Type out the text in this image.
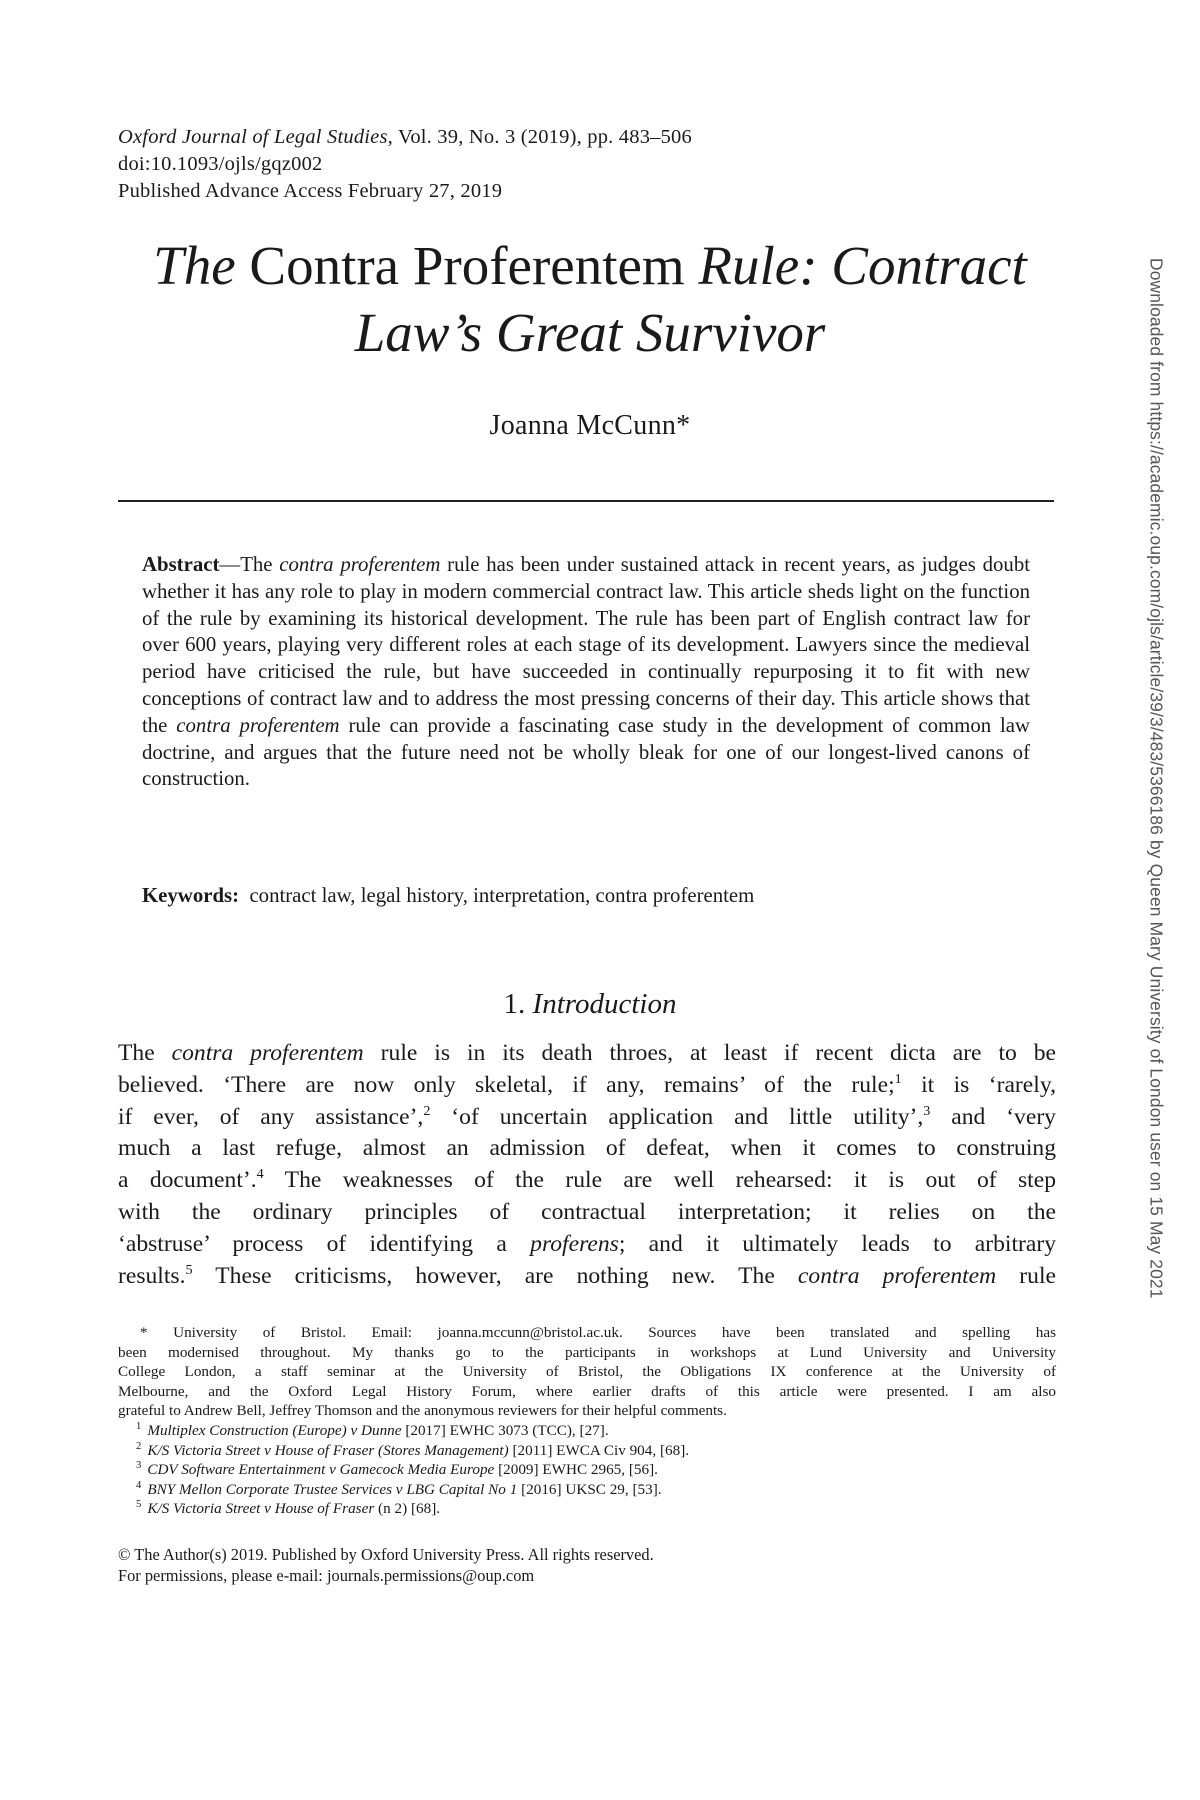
Oxford Journal of Legal Studies, Vol. 39, No. 3 (2019), pp. 483–506
doi:10.1093/ojls/gqz002
Published Advance Access February 27, 2019
The Contra Proferentem Rule: Contract
Law’s Great Survivor
Joanna McCunn*

Abstract—The contra proferentem rule has been under sustained attack in recent years, as judges doubt whether it has any role to play in modern commercial contract law. This article sheds light on the function of the rule by examining its historical development. The rule has been part of English contract law for over 600 years, playing very different roles at each stage of its development. Lawyers since the medieval period have criticised the rule, but have succeeded in continually repurposing it to fit with new conceptions of contract law and to address the most pressing concerns of their day. This article shows that the contra proferentem rule can provide a fascinating case study in the development of common law doctrine, and argues that the future need not be wholly bleak for one of our longest-lived canons of construction.

Keywords: contract law, legal history, interpretation, contra proferentem
1. Introduction
The contra proferentem rule is in its death throes, at least if recent dicta are to be
believed. ‘There are now only skeletal, if any, remains’ of the rule;$^1$ it is ‘rarely,
if ever, of any assistance’,$^2$ ‘of uncertain application and little utility’,$^3$ and ‘very
much a last refuge, almost an admission of defeat, when it comes to construing
a document’.$^4$ The weaknesses of the rule are well rehearsed: it is out of step
with the ordinary principles of contractual interpretation; it relies on the
‘abstruse’ process of identifying a proferens; and it ultimately leads to arbitrary
results.$^5$ These criticisms, however, are nothing new. The contra proferentem rule
* University of Bristol. Email: joanna.mccunn@bristol.ac.uk. Sources have been translated and spelling has
been modernised throughout. My thanks go to the participants in workshops at Lund University and University
College London, a staff seminar at the University of Bristol, the Obligations IX conference at the University of
Melbourne, and the Oxford Legal History Forum, where earlier drafts of this article were presented. I am also
grateful to Andrew Bell, Jeffrey Thomson and the anonymous reviewers for their helpful comments.
$^1$ Multiplex Construction (Europe) v Dunne [2017] EWHC 3073 (TCC), [27].
$^2$ K/S Victoria Street v House of Fraser (Stores Management) [2011] EWCA Civ 904, [68].
$^3$ CDV Software Entertainment v Gamecock Media Europe [2009] EWHC 2965, [56].
$^4$ BNY Mellon Corporate Trustee Services v LBG Capital No 1 [2016] UKSC 29, [53].
$^5$ K/S Victoria Street v House of Fraser (n 2) [68].
© The Author(s) 2019. Published by Oxford University Press. All rights reserved.
For permissions, please e-mail: journals.permissions@oup.com
Downloaded from https://academic.oup.com/ojls/article/39/3/483/5366186 by Queen Mary University of London user on 15 May 2021
